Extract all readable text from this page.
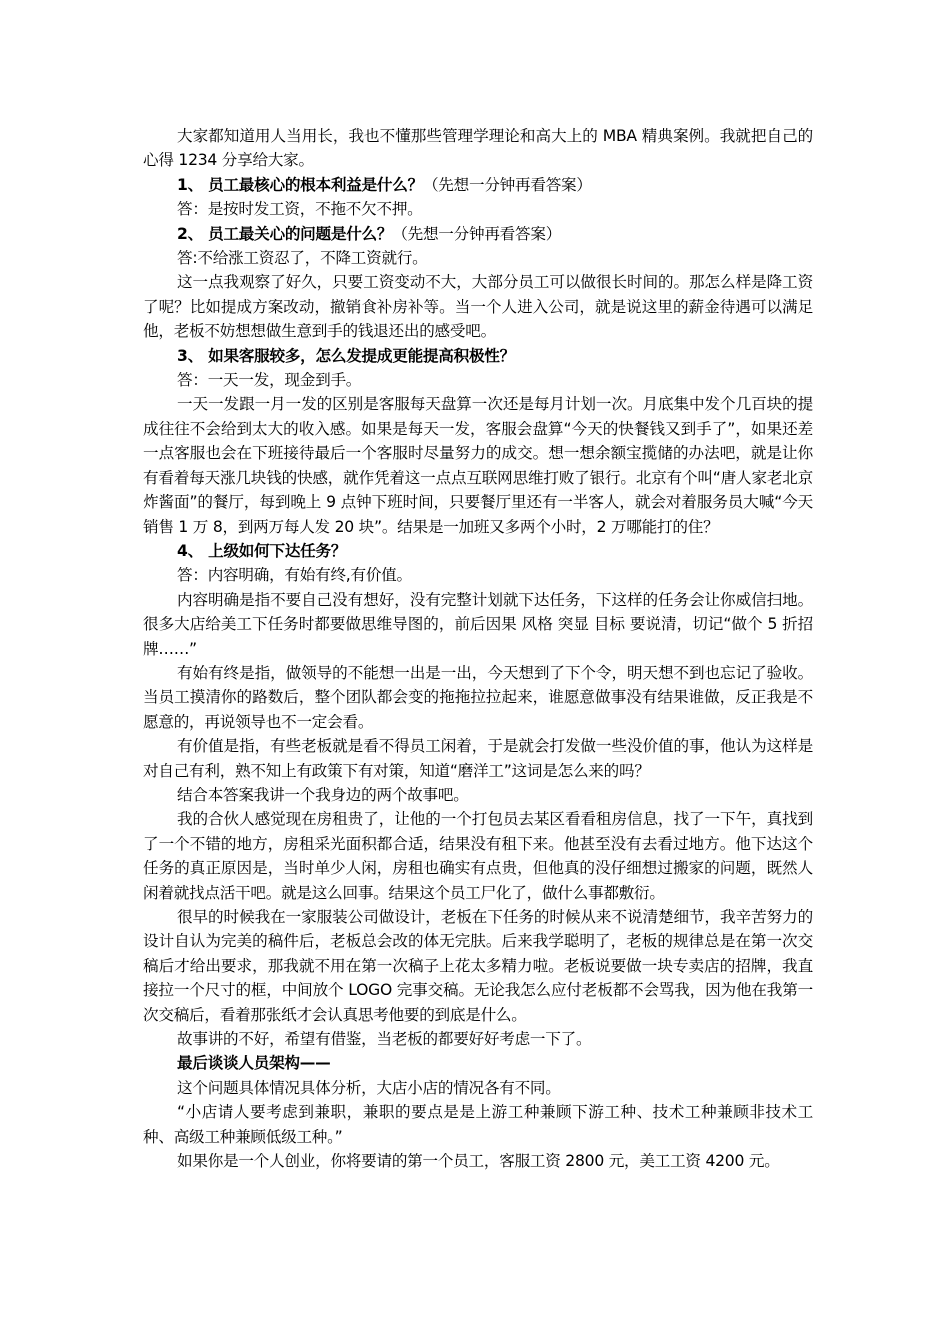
大家都知道用人当用长，我也不懂那些管理学理论和高大上的 MBA 精典案例。我就把自己的心得 1234 分享给大家。

1、 员工最核心的根本利益是什么？（先想一分钟再看答案）

答：是按时发工资，不拖不欠不押。

2、 员工最关心的问题是什么？（先想一分钟再看答案）

答:不给涨工资忍了，不降工资就行。

这一点我观察了好久，只要工资变动不大，大部分员工可以做很长时间的。那怎么样是降工资了呢？比如提成方案改动，撤销食补房补等。当一个人进入公司，就是说这里的薪金待遇可以满足他，老板不妨想想做生意到手的钱退还出的感受吧。

3、 如果客服较多，怎么发提成更能提高积极性？

答：一天一发，现金到手。

一天一发跟一月一发的区别是客服每天盘算一次还是每月计划一次。月底集中发个几百块的提成往往不会给到太大的收入感。如果是每天一发，客服会盘算“今天的快餐钱又到手了”，如果还差一点客服也会在下班接待最后一个客服时尽量努力的成交。想一想余额宝揽储的办法吧，就是让你有看着每天涨几块钱的快感，就作凭着这一点点互联网思维打败了银行。北京有个叫“唐人家老北京炸酱面”的餐厅，每到晚上 9 点钟下班时间，只要餐厅里还有一半客人，就会对着服务员大喊“今天销售 1 万 8，到两万每人发 20 块”。结果是一加班又多两个小时，2 万哪能打的住？

4、 上级如何下达任务？

答：内容明确，有始有终,有价值。

内容明确是指不要自己没有想好，没有完整计划就下达任务，下这样的任务会让你威信扫地。很多大店给美工下任务时都要做思维导图的，前后因果 风格 突显 目标 要说清，切记“做个 5 折招牌……”

有始有终是指，做领导的不能想一出是一出，今天想到了下个令，明天想不到也忘记了验收。当员工摸清你的路数后，整个团队都会变的拖拖拉拉起来，谁愿意做事没有结果谁做，反正我是不愿意的，再说领导也不一定会看。

有价值是指，有些老板就是看不得员工闲着，于是就会打发做一些没价值的事，他认为这样是对自己有利，熟不知上有政策下有对策，知道“磨洋工”这词是怎么来的吗？

结合本答案我讲一个我身边的两个故事吧。

我的合伙人感觉现在房租贵了，让他的一个打包员去某区看看租房信息，找了一下午，真找到了一个不错的地方，房租采光面积都合适，结果没有租下来。他甚至没有去看过地方。他下达这个任务的真正原因是，当时单少人闲，房租也确实有点贵，但他真的没仔细想过搬家的问题，既然人闲着就找点活干吧。就是这么回事。结果这个员工尸化了，做什么事都敷衍。

很早的时候我在一家服装公司做设计，老板在下任务的时候从来不说清楚细节，我辛苦努力的设计自认为完美的稿件后，老板总会改的体无完肤。后来我学聪明了，老板的规律总是在第一次交稿后才给出要求，那我就不用在第一次稿子上花太多精力啦。老板说要做一块专卖店的招牌，我直接拉一个尺寸的框，中间放个 LOGO 完事交稿。无论我怎么应付老板都不会骂我，因为他在我第一次交稿后，看着那张纸才会认真思考他要的到底是什么。

故事讲的不好，希望有借鉴，当老板的都要好好考虑一下了。

最后谈谈人员架构——

这个问题具体情况具体分析，大店小店的情况各有不同。

“小店请人要考虑到兼职，兼职的要点是是上游工种兼顾下游工种、技术工种兼顾非技术工种、高级工种兼顾低级工种。”

如果你是一个人创业，你将要请的第一个员工，客服工资 2800 元，美工工资 4200 元。
